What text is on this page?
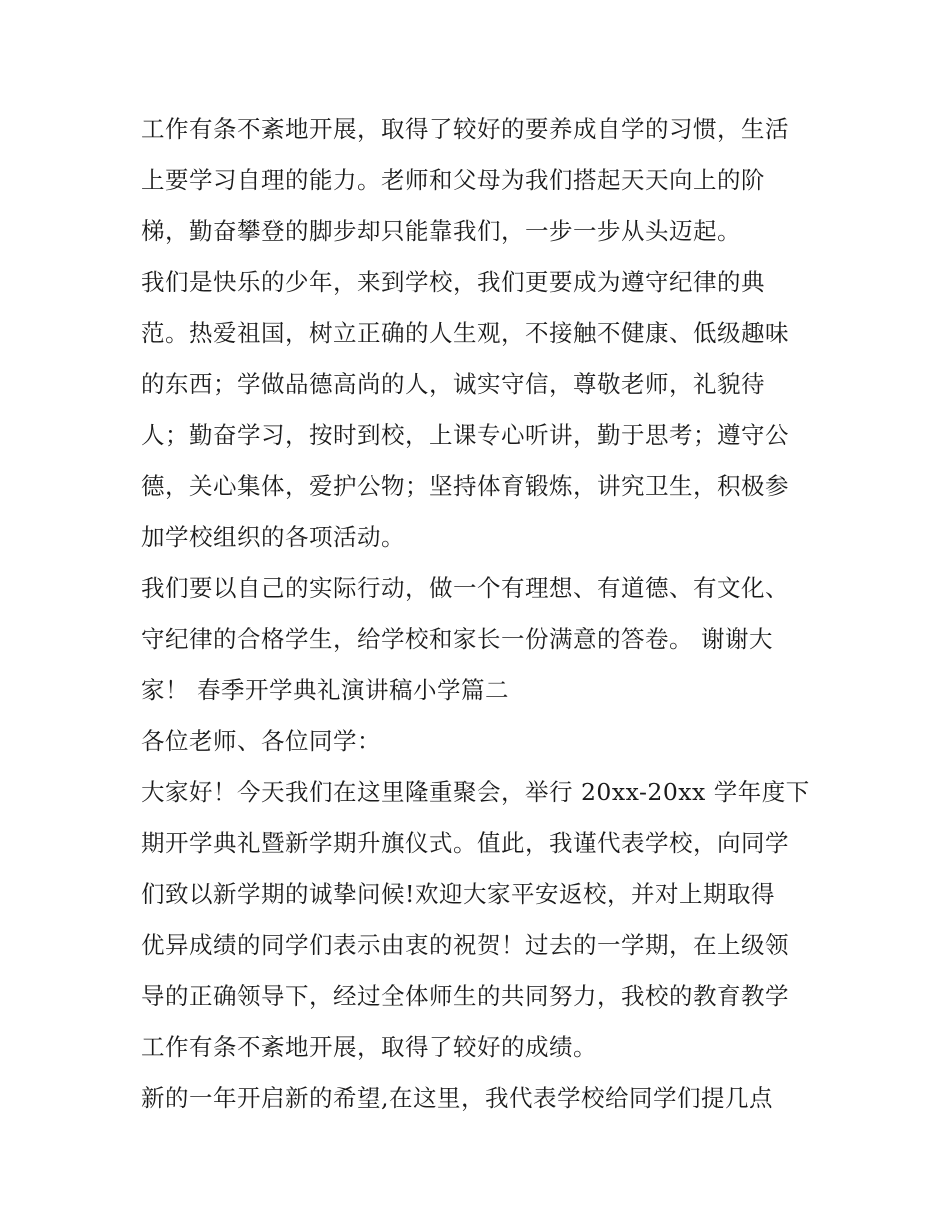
工作有条不紊地开展，取得了较好的要养成自学的习惯，生活
上要学习自理的能力。老师和父母为我们搭起天天向上的阶
梯，勤奋攀登的脚步却只能靠我们，一步一步从头迈起。
我们是快乐的少年，来到学校，我们更要成为遵守纪律的典
范。热爱祖国，树立正确的人生观，不接触不健康、低级趣味
的东西；学做品德高尚的人，诚实守信，尊敬老师，礼貌待
人；勤奋学习，按时到校，上课专心听讲，勤于思考；遵守公
德，关心集体，爱护公物；坚持体育锻炼，讲究卫生，积极参
加学校组织的各项活动。
我们要以自己的实际行动，做一个有理想、有道德、有文化、
守纪律的合格学生，给学校和家长一份满意的答卷。 谢谢大
家！ 春季开学典礼演讲稿小学篇二
各位老师、各位同学：
大家好！今天我们在这里隆重聚会，举行 20xx-20xx 学年度下
期开学典礼暨新学期升旗仪式。值此，我谨代表学校，向同学
们致以新学期的诚挚问候!欢迎大家平安返校，并对上期取得
优异成绩的同学们表示由衷的祝贺！过去的一学期，在上级领
导的正确领导下，经过全体师生的共同努力，我校的教育教学
工作有条不紊地开展，取得了较好的成绩。
新的一年开启新的希望,在这里，我代表学校给同学们提几点
